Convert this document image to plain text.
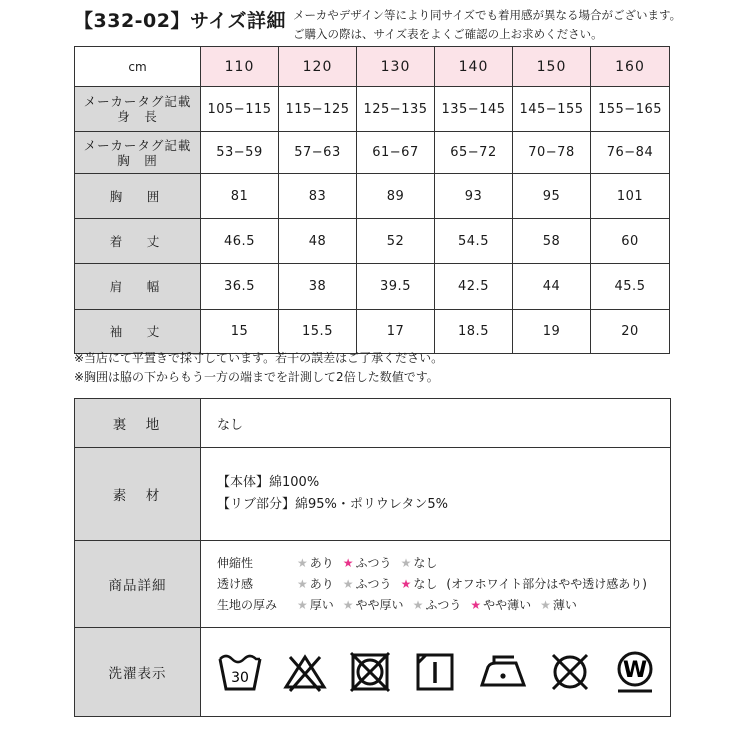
【332-02】サイズ詳細 メーカやデザイン等により同サイズでも着用感が異なる場合がございます。
ご購入の際は、サイズ表をよくご確認の上お求めください。
cm	110	120	130	140	150	160

メーカータグ記載
身　長	105−115	115−125	125−135	135−145	145−155	155−165

メーカータグ記載
胸　囲	53−59	57−63	61−67	65−72	70−78	76−84

胸　囲	81	83	89	93	95	101

着　丈	46.5	48	52	54.5	58	60

肩　幅	36.5	38	39.5	42.5	44	45.5

袖　丈	15	15.5	17	18.5	19	20
※当店にて平置きで採寸しています。若干の誤差はご了承ください。
※胸囲は脇の下からもう一方の端までを計測して2倍した数値です。
裏　地	なし
素　材	【本体】綿100%
【リブ部分】綿95%・ポリウレタン5%

商品詳細	伸縮性 ★ あり ★ ふつう ★ なし
透け感 ★ あり ★ ふつう ★ なし (オフホワイト部分はやや透け感あり)
生地の厚み ★ 厚い ★ やや厚い ★ ふつう ★ やや薄い ★ 薄い

洗濯表示	30 W
